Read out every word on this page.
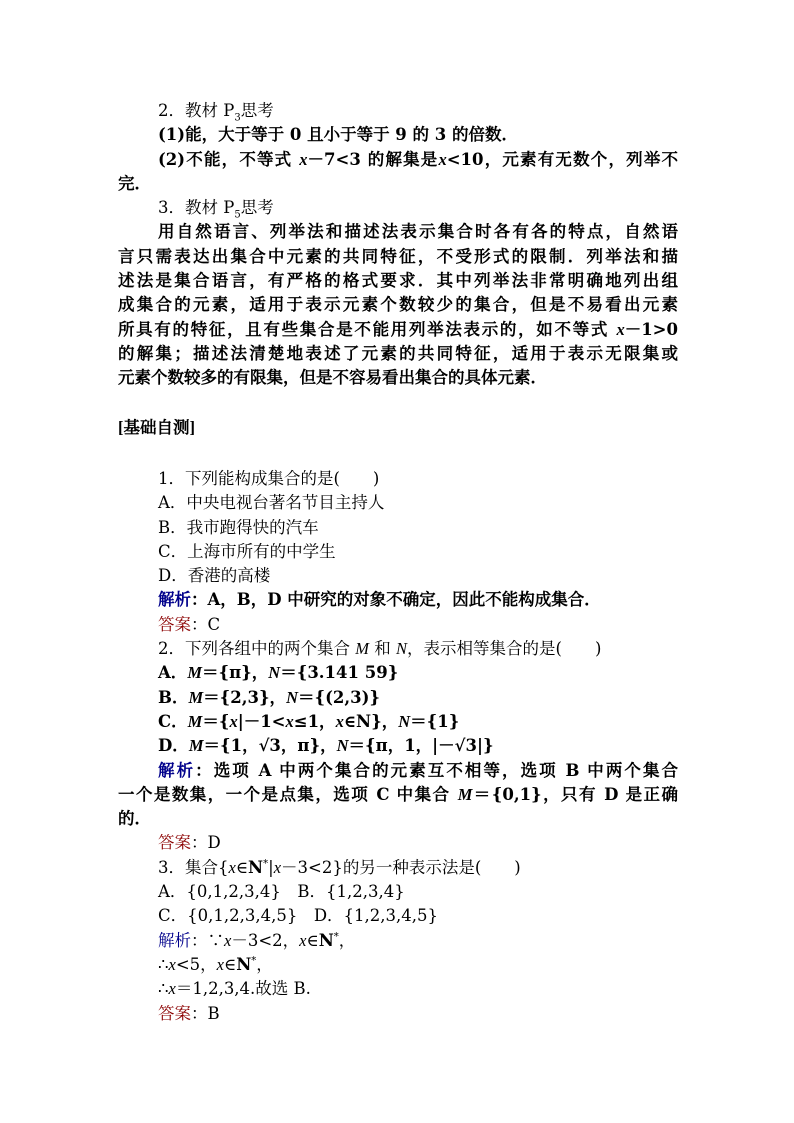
2．教材 $P_3$思考
(1)能，大于等于 0 且小于等于 9 的 3 的倍数．
(2)不能，不等式 x－7<3 的解集是x<10，元素有无数个，列举不
完．
3．教材 $P_5$思考
用自然语言、列举法和描述法表示集合时各有各的特点，自然语
言只需表达出集合中元素的共同特征，不受形式的限制．列举法和描
述法是集合语言，有严格的格式要求．其中列举法非常明确地列出组
成集合的元素，适用于表示元素个数较少的集合，但是不易看出元素
所具有的特征，且有些集合是不能用列举法表示的，如不等式 x－1>0
的解集；描述法清楚地表述了元素的共同特征，适用于表示无限集或
元素个数较多的有限集，但是不容易看出集合的具体元素．
[基础自测]
1．下列能构成集合的是(　　)
A．中央电视台著名节目主持人
B．我市跑得快的汽车
C．上海市所有的中学生
D．香港的高楼
解析：A，B，D 中研究的对象不确定，因此不能构成集合．
答案：C
2．下列各组中的两个集合 M 和 N，表示相等集合的是(　　)
A．M＝{π}，N＝{3.141 59}
B．M＝{2,3}，N＝{(2,3)}
C．M＝{x|－1<x≤1，x∈N}，N＝{1}
D．M＝{1，√3，π}，N＝{π，1，|－√3|}
解析：选项 A 中两个集合的元素互不相等，选项 B 中两个集合
一个是数集，一个是点集，选项 C 中集合 M＝{0,1}，只有 D 是正确
的．
答案：D
3．集合{x∈N*|x－3<2}的另一种表示法是(　　)
A．{0,1,2,3,4}　B．{1,2,3,4}
C．{0,1,2,3,4,5}　D．{1,2,3,4,5}
解析：∵x－3<2，x∈N*，
∴x<5，x∈N*，
∴x＝1,2,3,4.故选 B.
答案：B
